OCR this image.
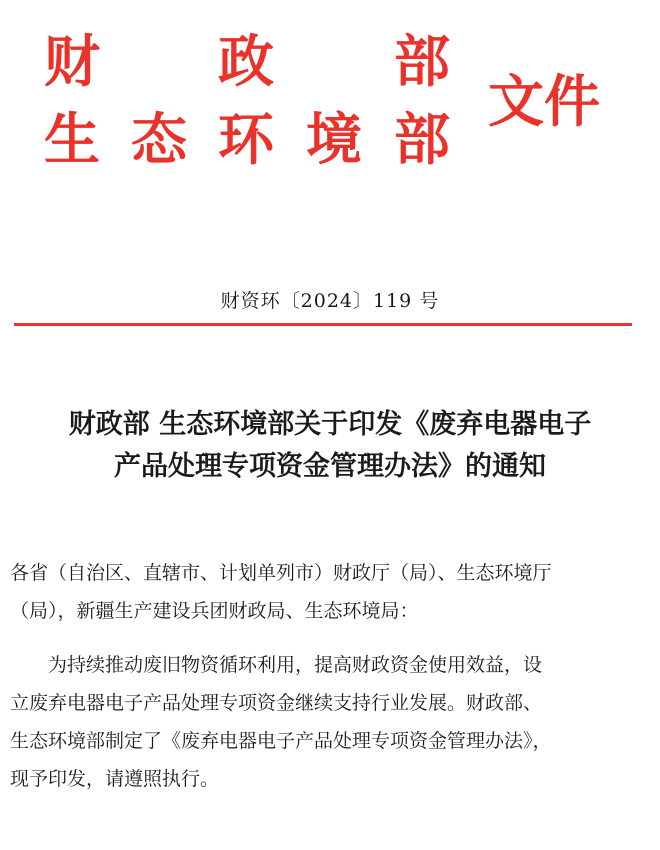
财 政 部
生 态 环 境 部
文件
财资环〔2024〕119 号
财政部 生态环境部关于印发《废弃电器电子
产品处理专项资金管理办法》的通知
各省（自治区、直辖市、计划单列市）财政厅（局）、生态环境厅
（局），新疆生产建设兵团财政局、生态环境局：
　　为持续推动废旧物资循环利用，提高财政资金使用效益，设
立废弃电器电子产品处理专项资金继续支持行业发展。财政部、
生态环境部制定了《废弃电器电子产品处理专项资金管理办法》，
现予印发，请遵照执行。
